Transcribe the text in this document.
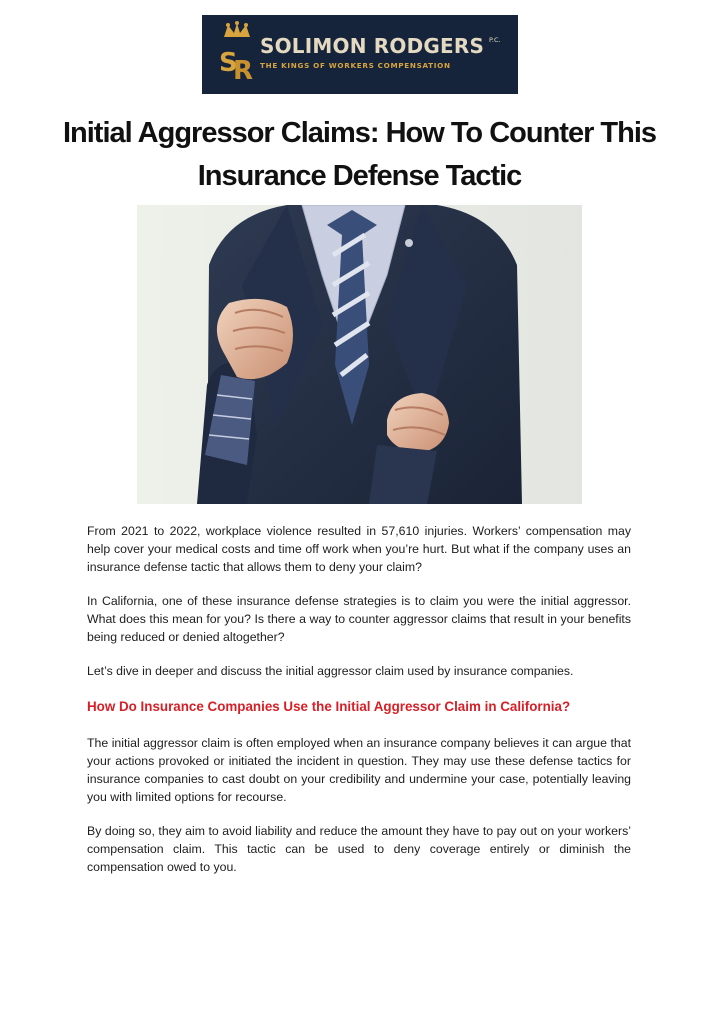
S
R
SOLIMON RODGERS P.C.
THE KINGS OF WORKERS COMPENSATION
Initial Aggressor Claims: How To Counter This Insurance Defense Tactic

From 2021 to 2022, workplace violence resulted in 57,610 injuries. Workers’ compensation may help cover your medical costs and time off work when you’re hurt. But what if the company uses an insurance defense tactic that allows them to deny your claim?

In California, one of these insurance defense strategies is to claim you were the initial aggressor. What does this mean for you? Is there a way to counter aggressor claims that result in your benefits being reduced or denied altogether?

Let’s dive in deeper and discuss the initial aggressor claim used by insurance companies.

How Do Insurance Companies Use the Initial Aggressor Claim in California?

The initial aggressor claim is often employed when an insurance company believes it can argue that your actions provoked or initiated the incident in question. They may use these defense tactics for insurance companies to cast doubt on your credibility and undermine your case, potentially leaving you with limited options for recourse.

By doing so, they aim to avoid liability and reduce the amount they have to pay out on your workers’ compensation claim. This tactic can be used to deny coverage entirely or diminish the compensation owed to you.
